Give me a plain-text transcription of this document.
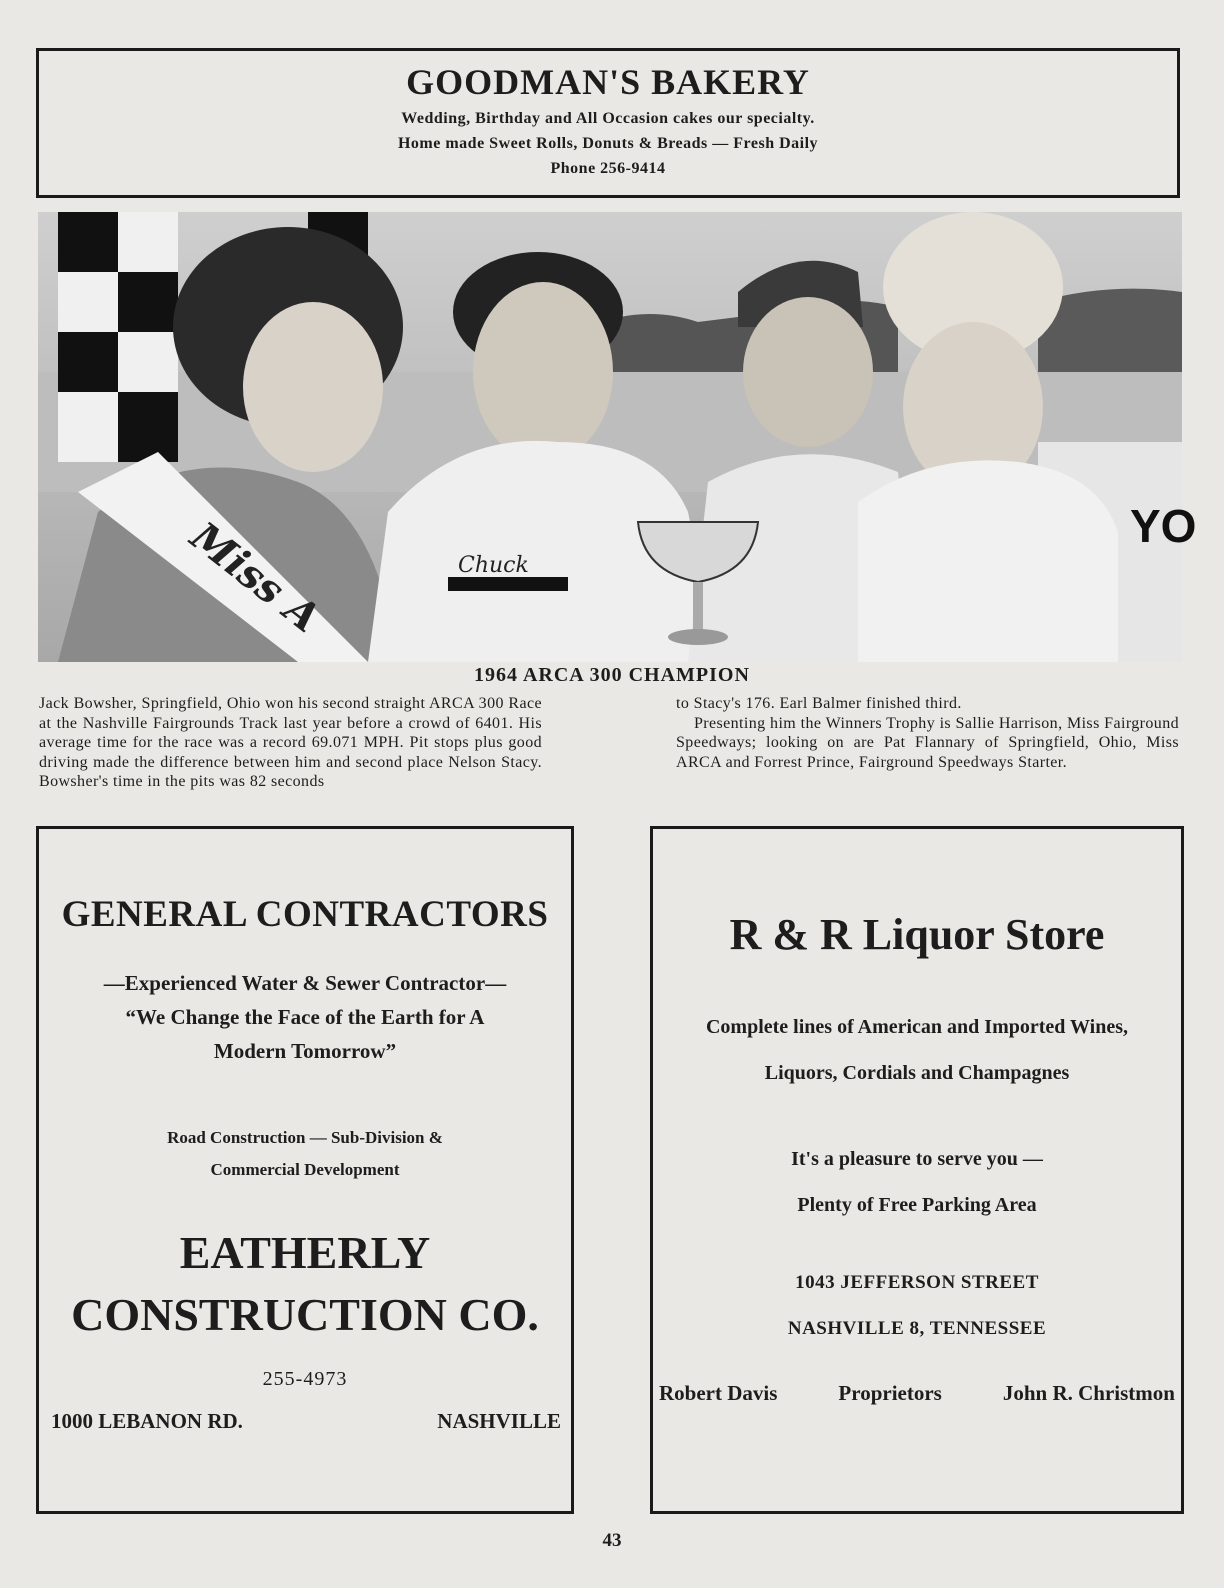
GOODMAN'S BAKERY
Wedding, Birthday and All Occasion cakes our specialty.
Home made Sweet Rolls, Donuts & Breads — Fresh Daily
Phone 256-9414
YO
Miss A	Chuck
1964 ARCA 300 CHAMPION
Jack Bowsher, Springfield, Ohio won his second straight ARCA 300 Race at the Nashville Fairgrounds Track last year before a crowd of 6401. His average time for the race was a record 69.071 MPH. Pit stops plus good driving made the difference between him and second place Nelson Stacy. Bowsher's time in the pits was 82 seconds
to Stacy's 176. Earl Balmer finished third.
Presenting him the Winners Trophy is Sallie Harrison, Miss Fairground Speedways; looking on are Pat Flannary of Springfield, Ohio, Miss ARCA and Forrest Prince, Fairground Speedways Starter.
GENERAL CONTRACTORS
—Experienced Water & Sewer Contractor—
“We Change the Face of the Earth for A
Modern Tomorrow”
Road Construction — Sub-Division &
Commercial Development
EATHERLY
CONSTRUCTION CO.
255-4973
1000 LEBANON RD.	NASHVILLE
R & R Liquor Store
Complete lines of American and Imported Wines,
Liquors, Cordials and Champagnes
It's a pleasure to serve you —
Plenty of Free Parking Area
1043 JEFFERSON STREET
NASHVILLE 8, TENNESSEE
Robert Davis	Proprietors	John R. Christmon
43
